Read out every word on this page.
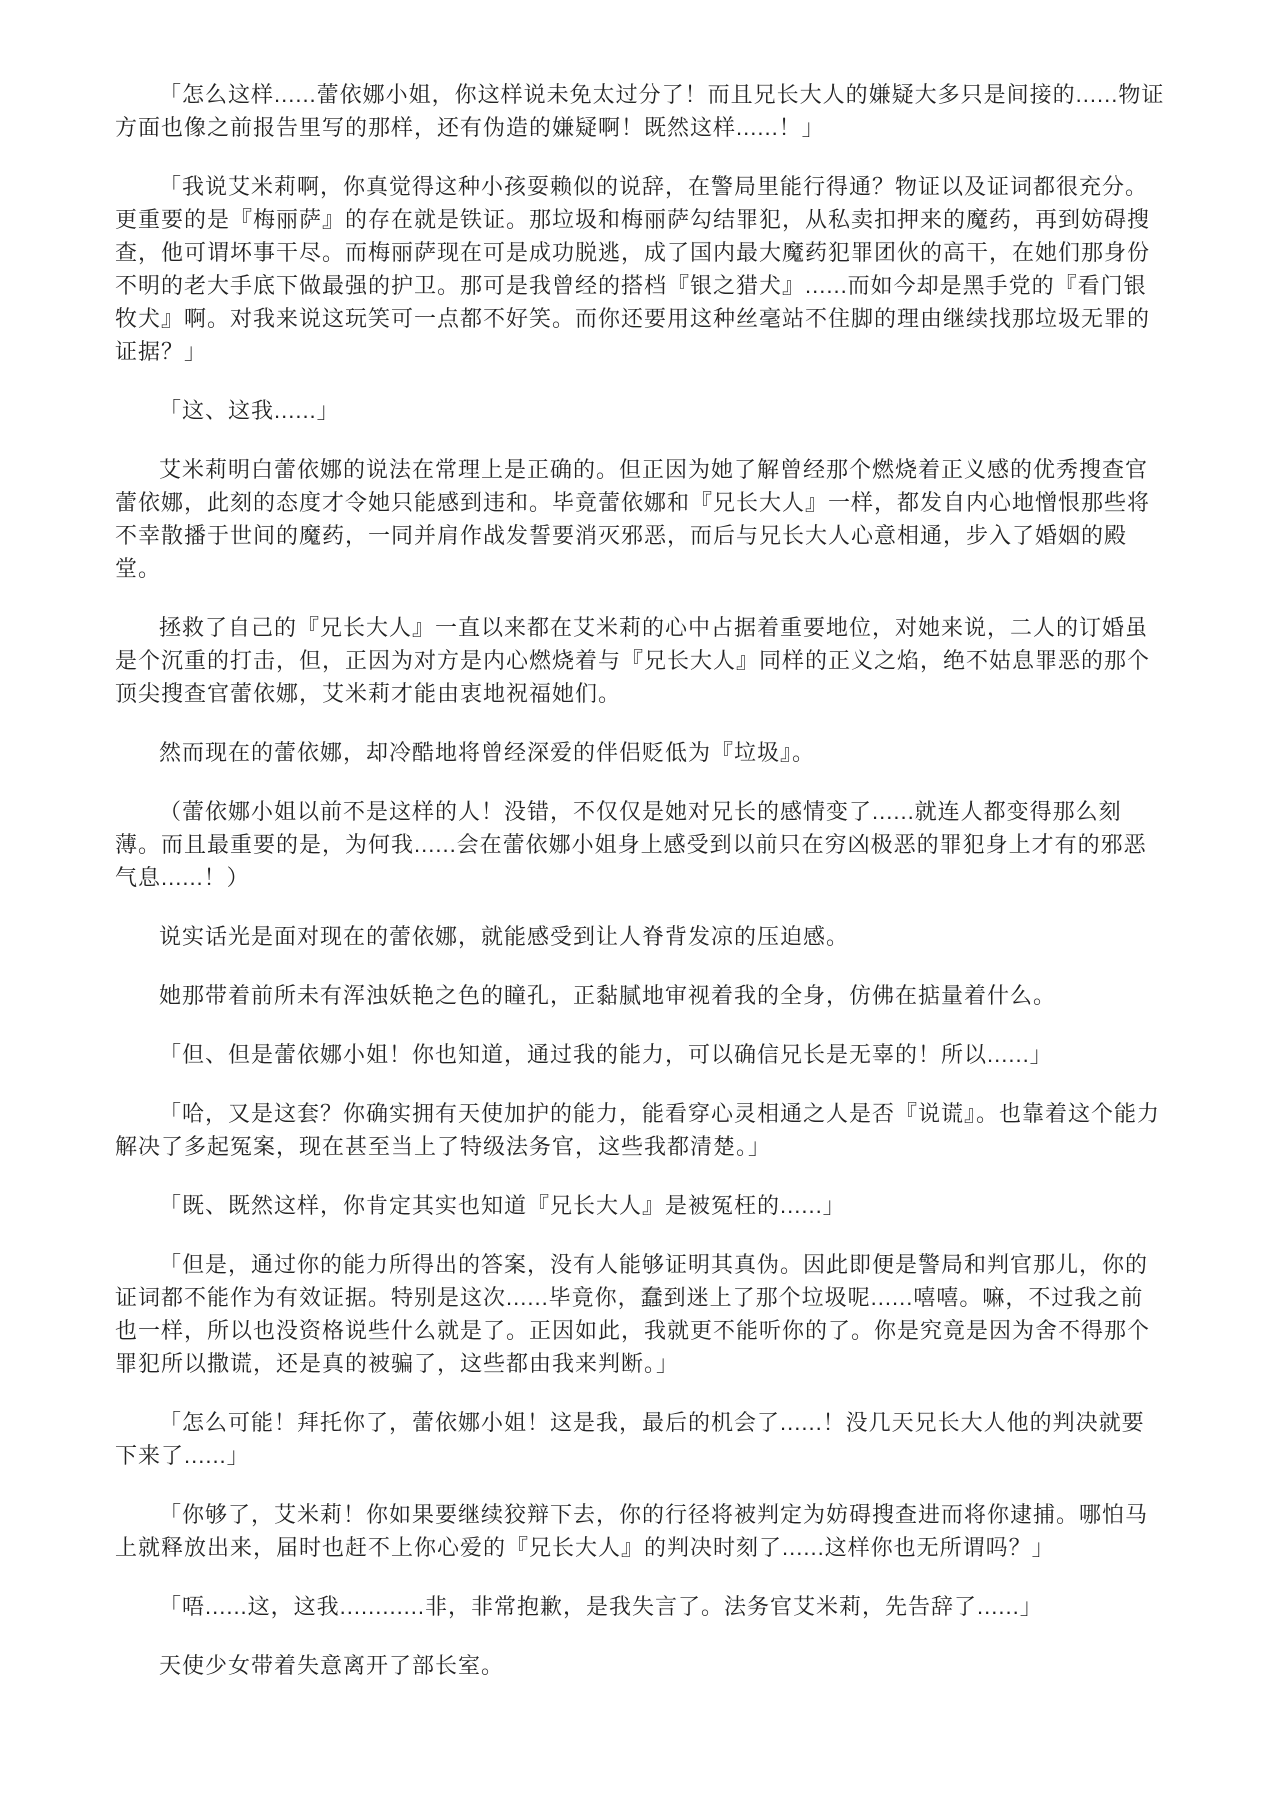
「怎么这样......蕾依娜小姐，你这样说未免太过分了！而且兄长大人的嫌疑大多只是间接的......物证方面也像之前报告里写的那样，还有伪造的嫌疑啊！既然这样......！」

「我说艾米莉啊，你真觉得这种小孩耍赖似的说辞，在警局里能行得通？物证以及证词都很充分。更重要的是『梅丽萨』的存在就是铁证。那垃圾和梅丽萨勾结罪犯，从私卖扣押来的魔药，再到妨碍搜查，他可谓坏事干尽。而梅丽萨现在可是成功脱逃，成了国内最大魔药犯罪团伙的高干，在她们那身份不明的老大手底下做最强的护卫。那可是我曾经的搭档『银之猎犬』......而如今却是黑手党的『看门银牧犬』啊。对我来说这玩笑可一点都不好笑。而你还要用这种丝毫站不住脚的理由继续找那垃圾无罪的证据？」

「这、这我......」

艾米莉明白蕾依娜的说法在常理上是正确的。但正因为她了解曾经那个燃烧着正义感的优秀搜查官蕾依娜，此刻的态度才令她只能感到违和。毕竟蕾依娜和『兄长大人』一样，都发自内心地憎恨那些将不幸散播于世间的魔药，一同并肩作战发誓要消灭邪恶，而后与兄长大人心意相通，步入了婚姻的殿堂。

拯救了自己的『兄长大人』一直以来都在艾米莉的心中占据着重要地位，对她来说，二人的订婚虽是个沉重的打击，但，正因为对方是内心燃烧着与『兄长大人』同样的正义之焰，绝不姑息罪恶的那个顶尖搜查官蕾依娜，艾米莉才能由衷地祝福她们。

然而现在的蕾依娜，却冷酷地将曾经深爱的伴侣贬低为『垃圾』。

（蕾依娜小姐以前不是这样的人！没错，不仅仅是她对兄长的感情变了......就连人都变得那么刻薄。而且最重要的是，为何我......会在蕾依娜小姐身上感受到以前只在穷凶极恶的罪犯身上才有的邪恶气息......！）

说实话光是面对现在的蕾依娜，就能感受到让人脊背发凉的压迫感。

她那带着前所未有浑浊妖艳之色的瞳孔，正黏腻地审视着我的全身，仿佛在掂量着什么。

「但、但是蕾依娜小姐！你也知道，通过我的能力，可以确信兄长是无辜的！所以......」

「哈，又是这套？你确实拥有天使加护的能力，能看穿心灵相通之人是否『说谎』。也靠着这个能力解决了多起冤案，现在甚至当上了特级法务官，这些我都清楚。」

「既、既然这样，你肯定其实也知道『兄长大人』是被冤枉的......」

「但是，通过你的能力所得出的答案，没有人能够证明其真伪。因此即便是警局和判官那儿，你的证词都不能作为有效证据。特别是这次......毕竟你，蠢到迷上了那个垃圾呢......嘻嘻。嘛，不过我之前也一样，所以也没资格说些什么就是了。正因如此，我就更不能听你的了。你是究竟是因为舍不得那个罪犯所以撒谎，还是真的被骗了，这些都由我来判断。」

「怎么可能！拜托你了，蕾依娜小姐！这是我，最后的机会了......！没几天兄长大人他的判决就要下来了......」

「你够了，艾米莉！你如果要继续狡辩下去，你的行径将被判定为妨碍搜查进而将你逮捕。哪怕马上就释放出来，届时也赶不上你心爱的『兄长大人』的判决时刻了......这样你也无所谓吗？」

「唔......这，这我............非，非常抱歉，是我失言了。法务官艾米莉，先告辞了......」

天使少女带着失意离开了部长室。
